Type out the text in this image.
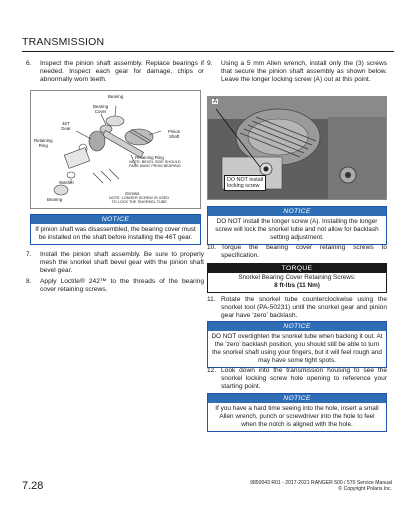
TRANSMISSION
6. Inspect the pinion shaft assembly. Replace bearings if needed. Inspect each gear for damage, chips or abnormally worn teeth.
Bearing
Bearing
Cover
46T
Gear
Retaining
Ring
Pinion
Shaft
Retaining Ring
NOTE: BEVEL SIDE SHOULD
FACE AWAY FROM BEARING
Washer
Bearing
Screws
NOTE: LONGER SCREW IS USED
TO LOCK THE SNORKEL TUBE
NOTICE
If pinion shaft was disassembled, the bearing cover must be installed on the shaft before installing the 46T gear.
7. Install the pinion shaft assembly. Be sure to properly mesh the snorkel shaft bevel gear with the pinion shaft bevel gear.
8. Apply Loctite® 242™ to the threads of the bearing cover retaining screws.
9. Using a 5 mm Allen wrench, install only the (3) screws that secure the pinion shaft assembly as shown below. Leave the longer locking screw (A) out at this point.
A
DO NOT install
locking screw
NOTICE
DO NOT install the longer screw (A). Installing the longer screw will lock the snorkel tube and not allow for backlash setting adjustment.
10. Torque the bearing cover retaining screws to specification.
TORQUE
Snorkel Bearing Cover Retaining Screws:
8 ft-lbs (11 Nm)
11. Rotate the snorkel tube counterclockwise using the snorkel tool (PA-50231) until the snorkel gear and pinion gear have ‘zero’ backlash.
NOTICE
DO NOT overtighten the snorkel tube when backing it out. At the ‘zero’ backlash position, you should still be able to turn the snorkel shaft using your fingers, but it will feel rough and may have some tight spots.
12. Look down into the transmission housing to see the snorkel locking screw hole opening to reference your starting point.
NOTICE
If you have a hard time seeing into the hole, insert a small Allen wrench, punch or screwdriver into the hole to feel when the notch is aligned with the hole.
7.28	9850043 R01 - 2017-2021 RANGER 500 / 570 Service Manual
© Copyright Polaris Inc.
